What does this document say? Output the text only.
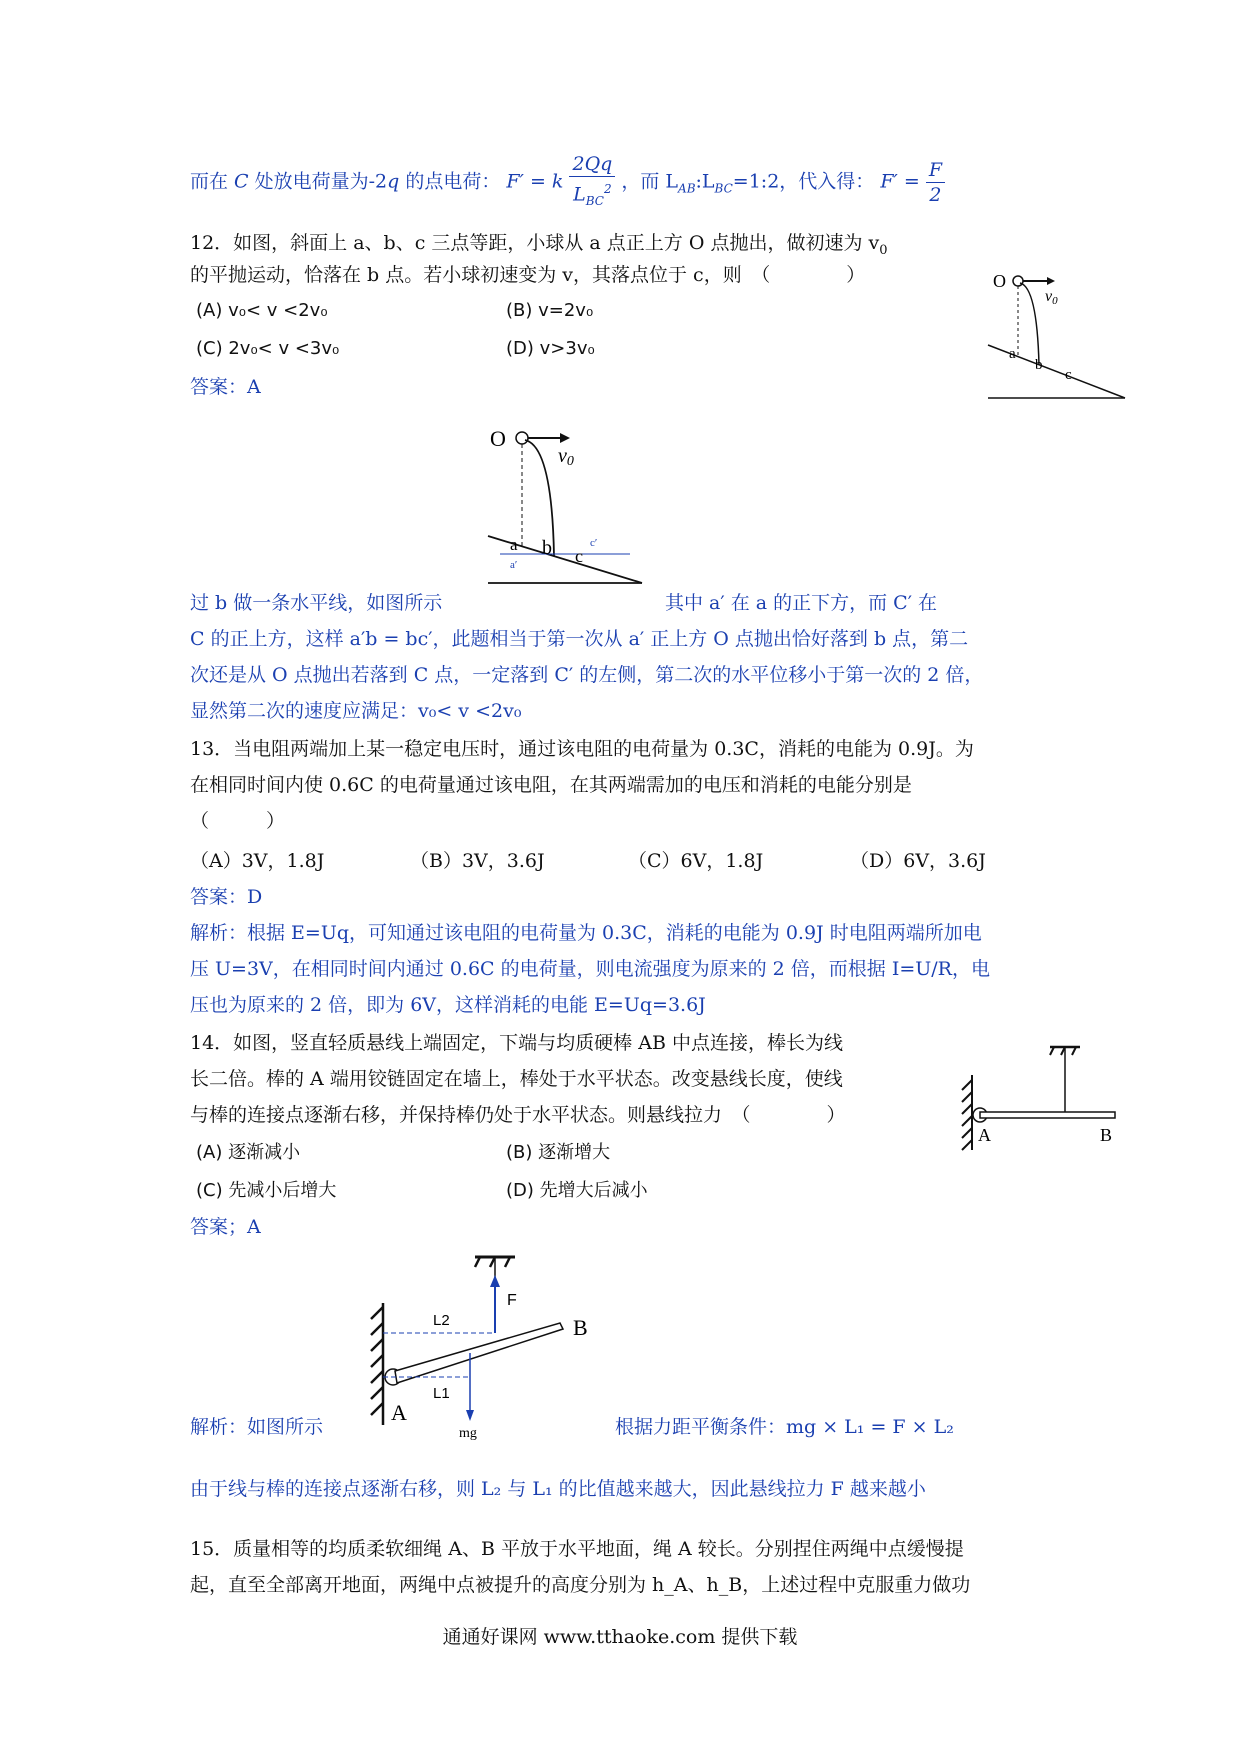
而在 C 处放电荷量为-2q 的点电荷： F′ = k $\frac{2Qq}{L_{BC}^2}$ ，而 $L_{AB}:L_{BC}=1:2$，代入得： $F' = \frac{F}{2}$
12．如图，斜面上 a、b、c 三点等距，小球从 a 点正上方 O 点抛出，做初速为 $v_0$
的平抛运动，恰落在 b 点。若小球初速变为 v，其落点位于 c，则　（　　　　）
(A) v₀< v <2v₀	(B) v=2v₀
(C) 2v₀< v <3v₀	(D) v>3v₀
答案：A
O
v0
a
b
c
O
v0
a b c
a′
c′
过 b 做一条水平线，如图所示	其中 a′ 在 a 的正下方，而 C′ 在
C 的正上方，这样 a′b = bc′，此题相当于第一次从 a′ 正上方 O 点抛出恰好落到 b 点，第二
次还是从 O 点抛出若落到 C 点，一定落到 C′ 的左侧，第二次的水平位移小于第一次的 2 倍，
显然第二次的速度应满足：v₀< v <2v₀
13．当电阻两端加上某一稳定电压时，通过该电阻的电荷量为 0.3C，消耗的电能为 0.9J。为
在相同时间内使 0.6C 的电荷量通过该电阻，在其两端需加的电压和消耗的电能分别是
（　　　）
（A）3V，1.8J	（B）3V，3.6J	（C）6V，1.8J	（D）6V，3.6J
答案：D
解析：根据 E=Uq，可知通过该电阻的电荷量为 0.3C，消耗的电能为 0.9J 时电阻两端所加电
压 U=3V，在相同时间内通过 0.6C 的电荷量，则电流强度为原来的 2 倍，而根据 I=U/R，电
压也为原来的 2 倍，即为 6V，这样消耗的电能 E=Uq=3.6J
14．如图，竖直轻质悬线上端固定，下端与均质硬棒 AB 中点连接，棒长为线
长二倍。棒的 A 端用铰链固定在墙上，棒处于水平状态。改变悬线长度，使线
与棒的连接点逐渐右移，并保持棒仍处于水平状态。则悬线拉力　（　　　　）
(A) 逐渐减小	(B) 逐渐增大
(C) 先减小后增大	(D) 先增大后减小
答案；A
A	B
F
L2
L1
mg
A
B
解析：如图所示	根据力距平衡条件：mg × L₁ = F × L₂
由于线与棒的连接点逐渐右移，则 L₂ 与 L₁ 的比值越来越大，因此悬线拉力 F 越来越小
15．质量相等的均质柔软细绳 A、B 平放于水平地面，绳 A 较长。分别捏住两绳中点缓慢提
起，直至全部离开地面，两绳中点被提升的高度分别为 h_A、h_B，上述过程中克服重力做功
通通好课网 www.tthaoke.com 提供下载
